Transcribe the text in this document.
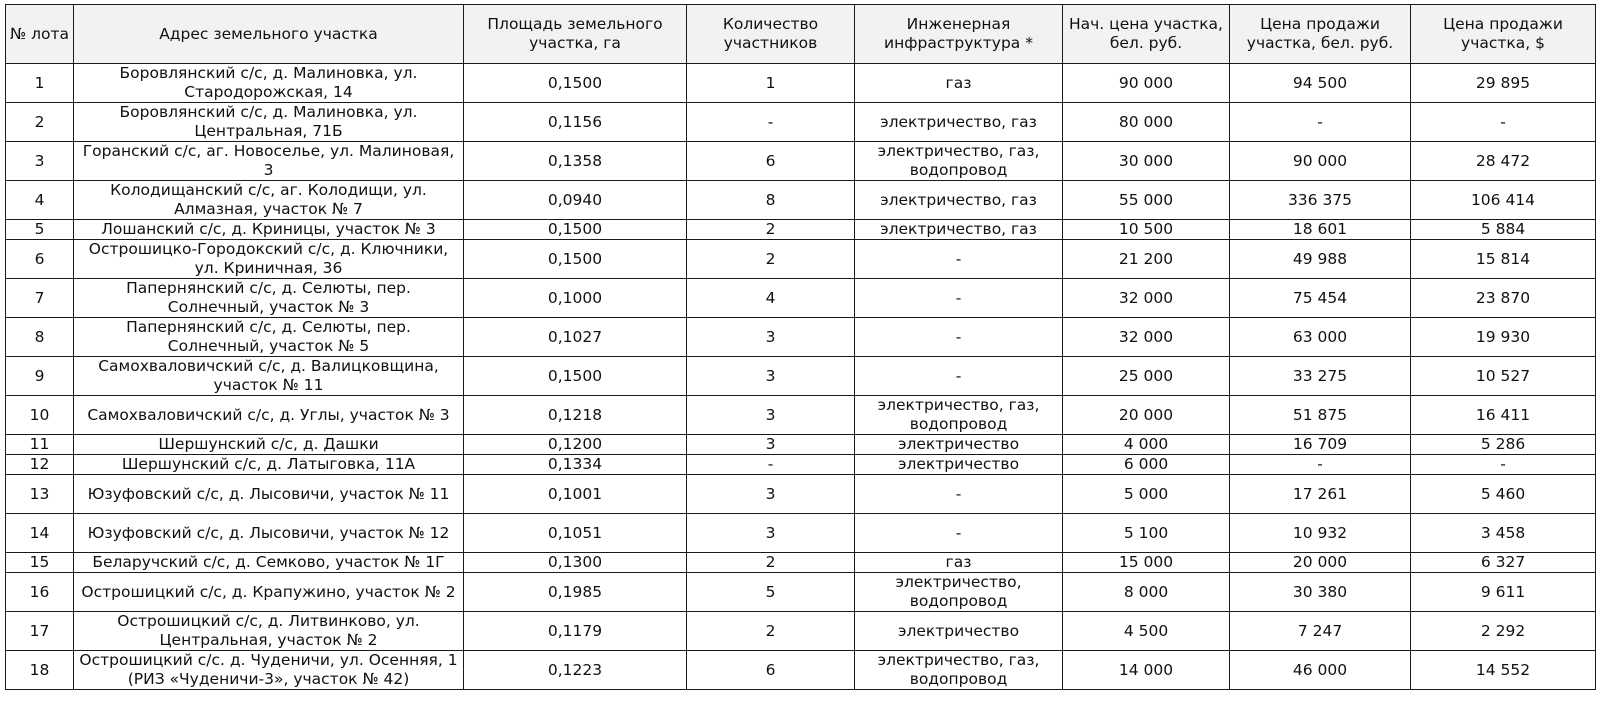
№ лота	Адрес земельного участка	Площадь земельного участка, га	Количество участников	Инженерная инфраструктура *	Нач. цена участка, бел. руб.	Цена продажи участка, бел. руб.	Цена продажи участка, $
1	Боровлянский с/с, д. Малиновка, ул. Стародорожская, 14	0,1500	1	газ	90 000	94 500	29 895
2	Боровлянский с/с, д. Малиновка, ул. Центральная, 71Б	0,1156	-	электричество, газ	80 000	-	-
3	Горанский с/с, аг. Новоселье, ул. Малиновая, 3	0,1358	6	электричество, газ, водопровод	30 000	90 000	28 472
4	Колодищанский с/с, аг. Колодищи, ул. Алмазная, участок № 7	0,0940	8	электричество, газ	55 000	336 375	106 414
5	Лошанский с/с, д. Криницы, участок № 3	0,1500	2	электричество, газ	10 500	18 601	5 884
6	Острошицко-Городокский с/с, д. Ключники, ул. Криничная, 36	0,1500	2	-	21 200	49 988	15 814
7	Папернянский с/с, д. Селюты, пер. Солнечный, участок № 3	0,1000	4	-	32 000	75 454	23 870
8	Папернянский с/с, д. Селюты, пер. Солнечный, участок № 5	0,1027	3	-	32 000	63 000	19 930
9	Самохваловичский с/с, д. Валицковщина, участок № 11	0,1500	3	-	25 000	33 275	10 527
10	Самохваловичский с/с, д. Углы, участок № 3	0,1218	3	электричество, газ, водопровод	20 000	51 875	16 411
11	Шершунский с/с, д. Дашки	0,1200	3	электричество	4 000	16 709	5 286
12	Шершунский с/с, д. Латыговка, 11А	0,1334	-	электричество	6 000	-	-
13	Юзуфовский с/с, д. Лысовичи, участок № 11	0,1001	3	-	5 000	17 261	5 460
14	Юзуфовский с/с, д. Лысовичи, участок № 12	0,1051	3	-	5 100	10 932	3 458
15	Беларучский с/с, д. Семково, участок № 1Г	0,1300	2	газ	15 000	20 000	6 327
16	Острошицкий с/с, д. Крапужино, участок № 2	0,1985	5	электричество, водопровод	8 000	30 380	9 611
17	Острошицкий с/с, д. Литвинково, ул. Центральная, участок № 2	0,1179	2	электричество	4 500	7 247	2 292
18	Острошицкий с/с. д. Чуденичи, ул. Осенняя, 1 (РИЗ «Чуденичи-3», участок № 42)	0,1223	6	электричество, газ, водопровод	14 000	46 000	14 552
